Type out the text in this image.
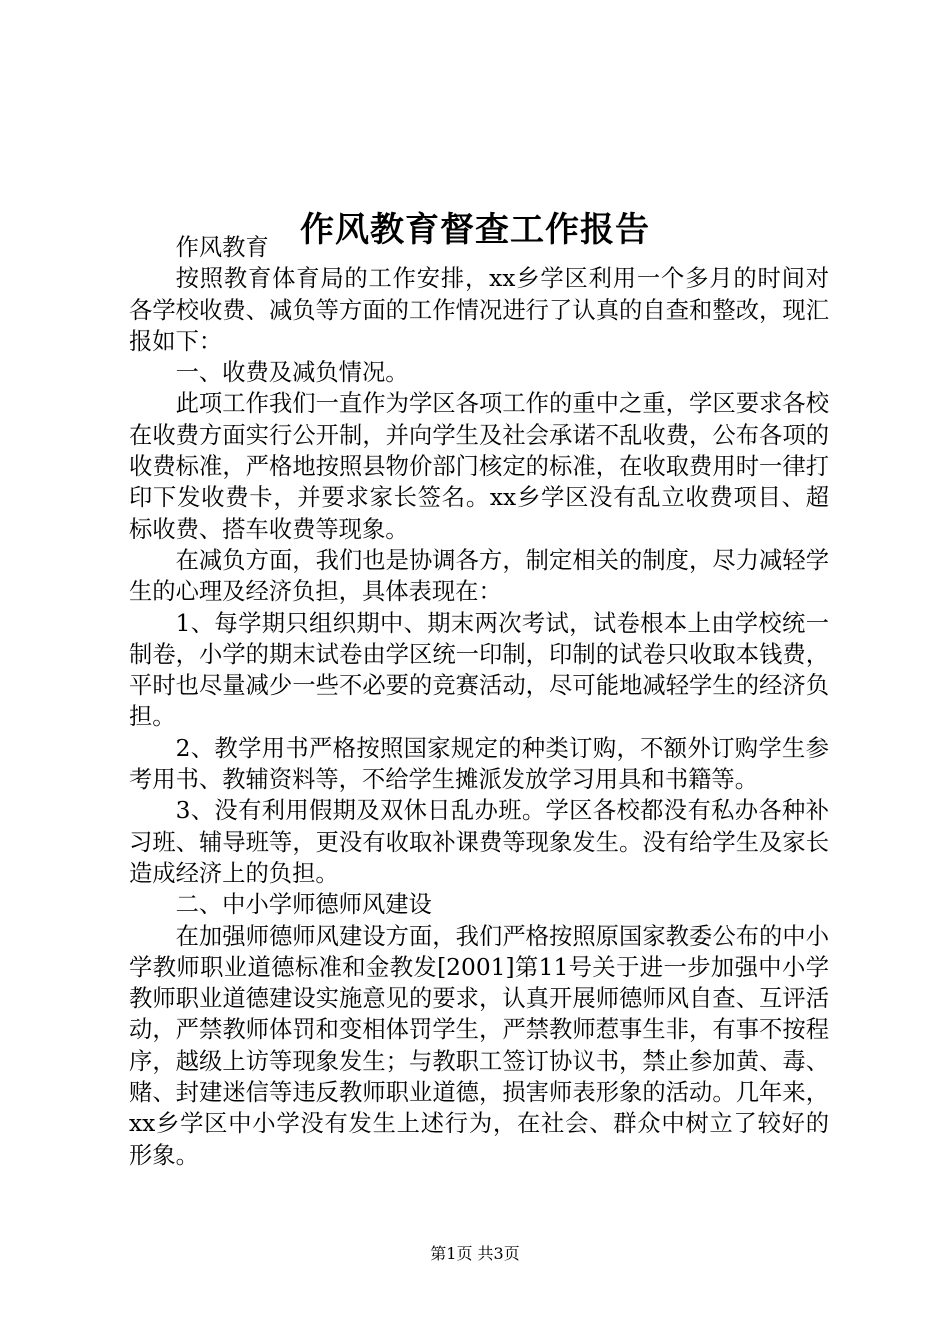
作风教育督查工作报告

作风教育

按照教育体育局的工作安排，xx乡学区利用一个多月的时间对各学校收费、减负等方面的工作情况进行了认真的自查和整改，现汇报如下：

一、收费及减负情况。

此项工作我们一直作为学区各项工作的重中之重，学区要求各校在收费方面实行公开制，并向学生及社会承诺不乱收费，公布各项的收费标准，严格地按照县物价部门核定的标准，在收取费用时一律打印下发收费卡，并要求家长签名。xx乡学区没有乱立收费项目、超标收费、搭车收费等现象。

在减负方面，我们也是协调各方，制定相关的制度，尽力减轻学生的心理及经济负担，具体表现在：

1、每学期只组织期中、期末两次考试，试卷根本上由学校统一制卷，小学的期末试卷由学区统一印制，印制的试卷只收取本钱费，平时也尽量减少一些不必要的竞赛活动，尽可能地减轻学生的经济负担。

2、教学用书严格按照国家规定的种类订购，不额外订购学生参考用书、教辅资料等，不给学生摊派发放学习用具和书籍等。

3、没有利用假期及双休日乱办班。学区各校都没有私办各种补习班、辅导班等，更没有收取补课费等现象发生。没有给学生及家长造成经济上的负担。

二、中小学师德师风建设

在加强师德师风建设方面，我们严格按照原国家教委公布的中小学教师职业道德标准和金教发[2001]第11号关于进一步加强中小学教师职业道德建设实施意见的要求，认真开展师德师风自查、互评活动，严禁教师体罚和变相体罚学生，严禁教师惹事生非，有事不按程序，越级上访等现象发生；与教职工签订协议书，禁止参加黄、毒、赌、封建迷信等违反教师职业道德，损害师表形象的活动。几年来，xx乡学区中小学没有发生上述行为，在社会、群众中树立了较好的形象。

第1页 共3页
